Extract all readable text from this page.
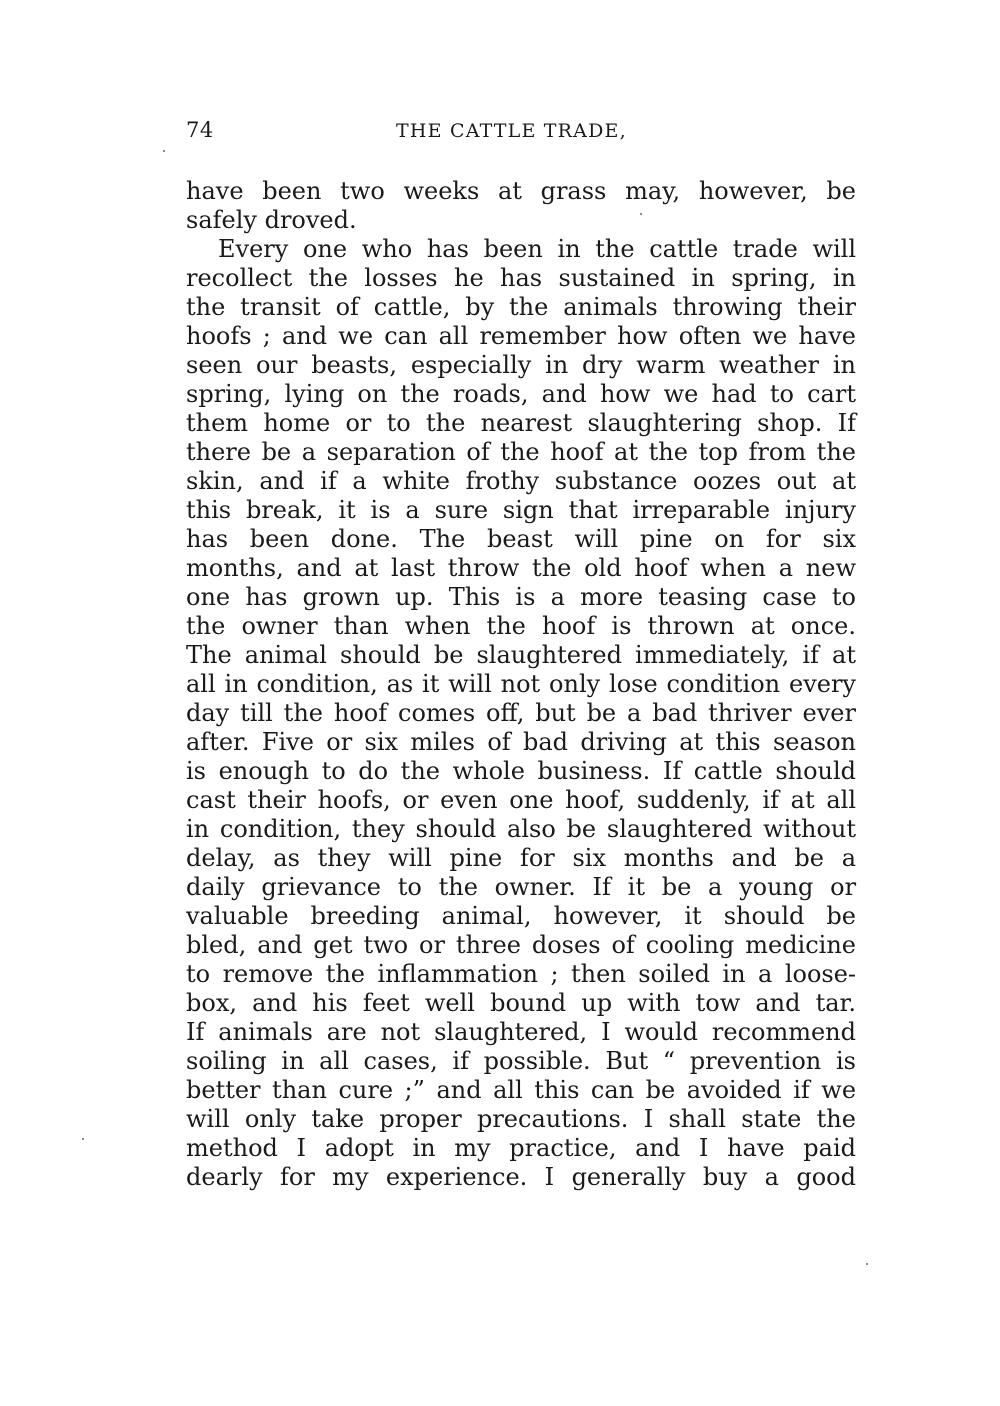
74	THE CATTLE TRADE,
have been two weeks at grass may, however, be
safely droved.
Every one who has been in the cattle trade will
recollect the losses he has sustained in spring, in
the transit of cattle, by the animals throwing their
hoofs ; and we can all remember how often we have
seen our beasts, especially in dry warm weather in
spring, lying on the roads, and how we had to cart
them home or to the nearest slaughtering shop. If
there be a separation of the hoof at the top from the
skin, and if a white frothy substance oozes out at
this break, it is a sure sign that irreparable injury
has been done. The beast will pine on for six
months, and at last throw the old hoof when a new
one has grown up. This is a more teasing case to
the owner than when the hoof is thrown at once.
The animal should be slaughtered immediately, if at
all in condition, as it will not only lose condition every
day till the hoof comes off, but be a bad thriver ever
after. Five or six miles of bad driving at this season
is enough to do the whole business. If cattle should
cast their hoofs, or even one hoof, suddenly, if at all
in condition, they should also be slaughtered without
delay, as they will pine for six months and be a
daily grievance to the owner. If it be a young or
valuable breeding animal, however, it should be
bled, and get two or three doses of cooling medicine
to remove the inflammation ; then soiled in a loose-
box, and his feet well bound up with tow and tar.
If animals are not slaughtered, I would recommend
soiling in all cases, if possible. But “ prevention is
better than cure ;” and all this can be avoided if we
will only take proper precautions. I shall state the
method I adopt in my practice, and I have paid
dearly for my experience. I generally buy a good
